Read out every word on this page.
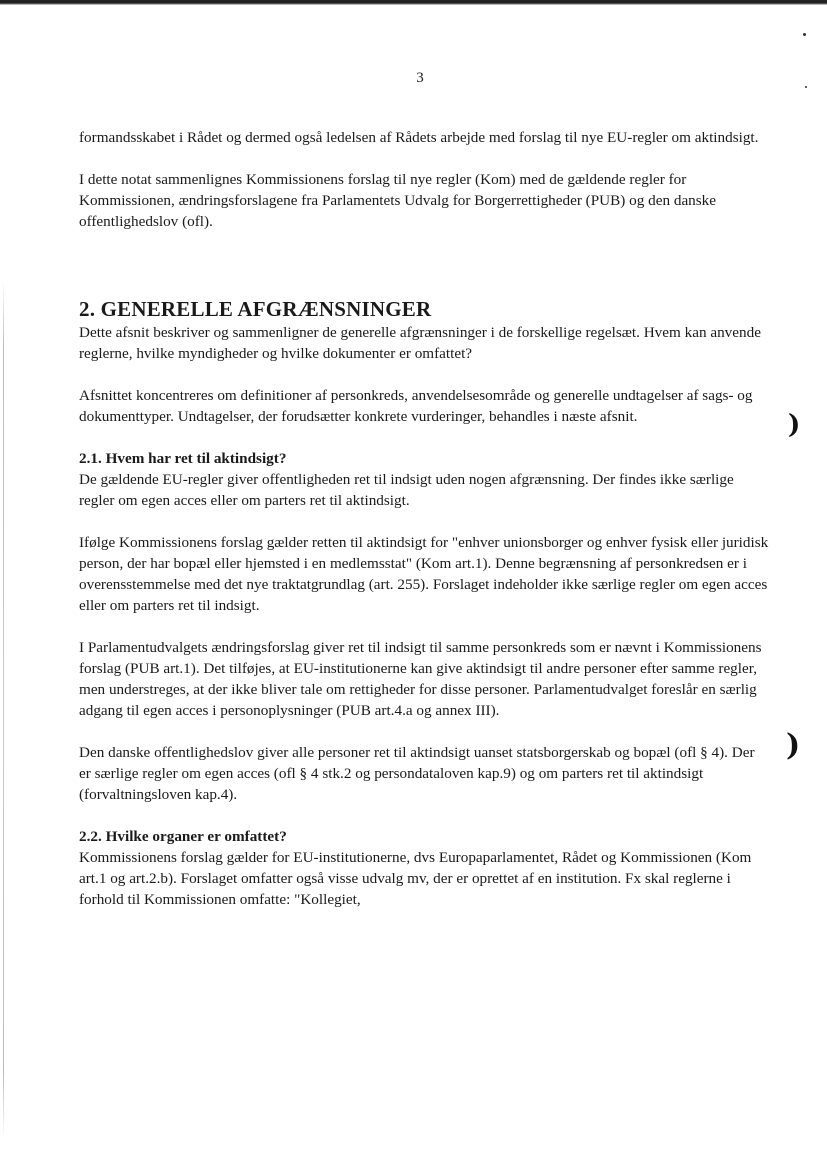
3
)
)

formandsskabet i Rådet og dermed også ledelsen af Rådets arbejde med forslag til nye EU-regler om aktindsigt.

I dette notat sammenlignes Kommissionens forslag til nye regler (Kom) med de gældende regler for Kommissionen, ændringsforslagene fra Parlamentets Udvalg for Borgerrettigheder (PUB) og den danske offentlighedslov (ofl).

2. GENERELLE AFGRÆNSNINGER

Dette afsnit beskriver og sammenligner de generelle afgrænsninger i de forskellige regelsæt. Hvem kan anvende reglerne, hvilke myndigheder og hvilke dokumenter er omfattet?

Afsnittet koncentreres om definitioner af personkreds, anvendelsesområde og generelle undtagelser af sags- og dokumenttyper. Undtagelser, der forudsætter konkrete vurderinger, behandles i næste afsnit.

2.1. Hvem har ret til aktindsigt?

De gældende EU-regler giver offentligheden ret til indsigt uden nogen afgrænsning. Der findes ikke særlige regler om egen acces eller om parters ret til aktindsigt.

Ifølge Kommissionens forslag gælder retten til aktindsigt for "enhver unionsborger og enhver fysisk eller juridisk person, der har bopæl eller hjemsted i en medlemsstat" (Kom art.1). Denne begrænsning af personkredsen er i overensstemmelse med det nye traktatgrundlag (art. 255). Forslaget indeholder ikke særlige regler om egen acces eller om parters ret til indsigt.

I Parlamentudvalgets ændringsforslag giver ret til indsigt til samme personkreds som er nævnt i Kommissionens forslag (PUB art.1). Det tilføjes, at EU-institutionerne kan give aktindsigt til andre personer efter samme regler, men understreges, at der ikke bliver tale om rettigheder for disse personer. Parlamentudvalget foreslår en særlig adgang til egen acces i personoplysninger (PUB art.4.a og annex III).

Den danske offentlighedslov giver alle personer ret til aktindsigt uanset statsborgerskab og bopæl (ofl § 4). Der er særlige regler om egen acces (ofl § 4 stk.2 og persondataloven kap.9) og om parters ret til aktindsigt (forvaltningsloven kap.4).

2.2. Hvilke organer er omfattet?

Kommissionens forslag gælder for EU-institutionerne, dvs Europaparlamentet, Rådet og Kommissionen (Kom art.1 og art.2.b). Forslaget omfatter også visse udvalg mv, der er oprettet af en institution. Fx skal reglerne i forhold til Kommissionen omfatte: "Kollegiet,
